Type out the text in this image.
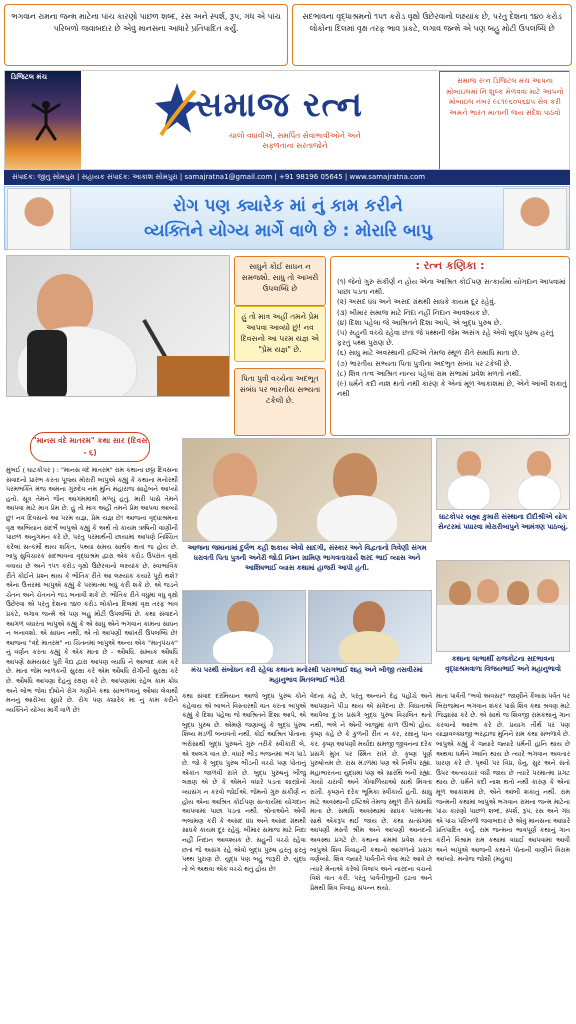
ભગવાન રામના જન્મ માટેના પાંચ કારણો પાછળ શબ્દ, રસ અને સ્પર્શ, રૂપ, ગંધ એ પાંચ પરિબળો જવાબદાર છે એવું માનસના આધારે પ્રતિપાદિત કર્યું.
સદભાવના વૃદ્ધાશ્રમનો ૧૫૧ કરોડ વૃક્ષો ઉછેરવાનો લક્ષ્યાંક છે, પરંતુ દેશના ૧૪૦ કરોડ લોકોના દિલમાં વૃક્ષ તરફ ભાવ પ્રકટે, લગાવ જન્મે એ પણ બહુ મોટી ઉપલબ્ધિ છે
ડિજિટલ મંચ
સમાજ રત્ન
ચાલો વધાવીએ, સમર્પિત સેવાભાવીઓને અને સફળતાના સરતાજોને
સમાજ રત્ન ડિજિટલ મંચ આપના મોબાઇલમાં નિઃશુલ્ક મેળવવા માટે આપનો મોબાઇલ નંબર ૯૮૧૯૬૦૫૬૪૫ સેવ કરી અમને ભારત માતાની જય સંદેશ પાઠવો
સંપાદક: જીતુ સોમપુરા | સહાયક સંપાદક: આકાશ સોમપુરા | samajratna1@gmail.com | +91 98196 05645 | www.samajratna.com
રોગ પણ ક્યારેક માં નું કામ કરીને
વ્યક્તિને યોગ્ય માર્ગે વાળે છે : મોરારિ બાપુ
સાધુને કોઈ સાધન ન સમજશો. સાધુ તો આખરી ઉપલબ્ધિ છે
હું તો માત્ર અહીં તમને પ્રેમ આપવા આવ્યો છું! નવ દિવસનો આ પરમ યજ્ઞ એ "પ્રેમ યજ્ઞ" છે.
પિતા પુત્રી વચ્ચેના અદભૂત સંબંધ પર ભારતીય સભ્યતા ટકેલી છે.
: રત્ન કણિકા :
(૧) જેનો ગુરુ સંકીર્ણ ન હોય એના આશ્રિત કોઈપણ સત્કાર્યમાં યોગદાન આપવામાં પાછા પડતા નથી.
(૨) અસદ ધંધ અને અસદ ગ્રંથથી સાધકે કાયમ દૂર રહેવું.
(૩) બીમાર સમાજ માટે નિંદા નહીં નિદાન આવશ્યક છે.
(૪) દિશા પહેલા જે આશ્રિતને દિશા આપે, એ બુદ્ધ પુરુષ છે.
(૫) સહુની વચ્ચે રહેવા છતાં જે પથ્થની જેમ અસંગ રહે એવો બુદ્ધ પુરુષ હરતું ફરતું પથ્થ પુરાણ છે.
(૬) સાધુ માટે અવસ્થાની દ્રષ્ટિએ તેમજ સ્થૂળ રીતે સમાધિ માતા છે.
(૭) ભારતીય સભ્યતા પિતા પુત્રીના અદભુત સંબંધ પર ટકેલી છે.
(૮) શિવ તત્વ આશ્રિત નાન્ય પહેલાં રામ સભામાં પ્રવેશ મળતો નથી.
(૯) ધર્મને કદી નાશ થતો નથી કારણ કે એનાં મૂળ આકાશમાં છે, એને આંબી શકાતું નથી
"માનસ વંદે માતરમ" કથા સાર (દિવસ - ૬)
મુંબઈ ( ઘાટકોપર ) : "માનસ વંદે માતરમ" રામ કથાના છઠ્ઠા દિવસના સંવાદનો પ્રારંભ કરતા પૂજ્ય મોરારી બાપુએ કહ્યું કે કથાના મનોરથી પરમભક્તિ મંજ અમના ગુરુદેવ નમ મુનિ મહારાજ સાહેબને આપ્યો હતો. સૂત્ર તેમને જૈન આગમમાંથી મળ્યું હતું. મારી પાસે તેમને આપવા માટે માત્ર પ્રેમ છે. હું તો માત્ર અહીં તમને પ્રેમ આપવા આવ્યો છું! નવ દિવસનો આ પરમ યજ્ઞ, પ્રેમ યજ્ઞ છે! આજના વૃદ્ધાશ્રમના વૃક્ષ અભિયાન સંદર્ભે બાપુએ કહ્યું કે અર્થ તો કાયમ ઋષિની વાણીની પાછળ અનુગમન કરે છે, પરંતુ પરમાર્થની છાયામાં આપણે નિશ્ચિત કરેલાં સત્કર્મો થાય શકિત, પથ્યા સમય સાર્થક થતાં જ હોય છે. બાપુ સુવિચારક સદભાવના વૃદ્ધાશ્રમ દ્વારા એક કરોડ ઉપરાંત વૃક્ષો વવાયા છે અને ૧૫૧ કરોડ વૃક્ષો ઉછેરવાનો લક્ષ્યાંક છે, સ્વાભાવિક રીતે કોઈને પ્રશ્ન થાય કે ભૌતિક રીતે આ લક્ષ્યાંક કયારે પૂરો થશે? એના ઉત્તરમાં બાપુએ કહ્યું કે પરમાત્મા બધું કરી શકે છે. એ જડને ચેતન અને ચેતનને જડ બનાવી શકે છે. ભૌતિક રીતે વધુમાં વધુ વૃક્ષો ઉછેરવા એ પરંતુ દેશના ૧૪૦ કરોડ લોકોના દિલમાં વૃક્ષ તરફ ભાવ પ્રકટે, લગાવ જન્મે એ પણ બહુ મોટી ઉપલબ્ધિ છે. કથા સંવાદને આગળ વધારતા બાપુએ કહ્યું કે એ સાધુ એને ભગવાન કામના સાધન ન બનાવશો. એ સાધન નથી, એ તો આપણી આખરી ઉપલબ્ધિ છે! આજના "વંદે માતરમ" ના ચિંતનમાં બાપુએ અન્ય એક "માતૃપંચક" નું વર્ણન કરતા કહ્યું કે એક માતા છે - ઔષધિ. સમ્યક ઔષધિ આપણે સમયસર પુરી વૈદ્ય દ્વારા આપણ વ્યાધિ ને આબાદ કામ કરે છે. માતા જેમ બાળકની સુરક્ષા કરે એમ ઔષધિ રોગીની સુરક્ષા કરે છે. ઔષધિ આપણા દેહનું રક્ષણ કરે છે. આપણામાં રહેલ કામ ક્રોધ અને લોભ જેવા દોષોને રોગ ગણીને કથા સાંભળવાનું ઔષધ લેવાથી મનનું આરોગ્ય સુધરે છે. રોગ પણ ક્યારેક માં નું કામ કરીને વ્યક્તિને યોગ્ય માર્ગે વાળે છે!
આજના જમાનામાં દુર્લભ કહી શકાય એવો સાદગી, સંસ્કાર અને વિદ્વતાનો ત્રિવેણી સંગમ ધરાવતી પિતા પુત્રની અનેરી જોડી નિમ્ન ગ્રામિણ ભાગવતાચાર્ય શરદ ભાઈ વ્યાસ અને આશિષભાઈ વ્યાસ કથામાં હાજરી આપી હતી.
મંચ પરથી સંબોધન કરી રહેલા કથાના મનોરથી પરાગભાઈ શાહ અને બીજી તસવીરમાં મહાનુભાવ મિતલભાઈ ભંડેરી
ઘાટકોપર બ્રહ્મા કુમારી સંસ્થાના દીદીશ્રીએ યોગ સેન્ટરમાં પધારવા મોરારીબાપુને આમંત્રણ પાઠવ્યું.
કથાના લાભાર્થી રાજકોટના સદભાવના વૃદ્ધાશ્રમવાળા વિજયભાઈ અને મહાનુભાવો
કથા સંવાદ દરમિયાન આજે બુદ્ધ પુરુષ કોને કહેવાય એ બાબતે વિસ્તારથી વાત કરતા બાપુએ કહ્યું કે દિશા પહેલા જે આશ્રિતને દિશા આપે, એ બુદ્ધ પુરુષ છે. એમણે જણાવ્યું કે બુદ્ધ પુરુષ શિષ્ય મંડળી બનાવતો નથી. કોઈ આશ્રિત પોતાના ભરોસાથી બુદ્ધ પુરુષને ગુરુ તરીકે સ્વીકારી લે, એ અલગ વાત છે. વધારે ભીડ ભજનમાં ભંગ પાડે છે. જો કે બુદ્ધ પુરુષ ભીડની વચ્ચે પણ પોતાનું એકાંત જાળવી રાખે છે. બુદ્ધ પુરુષનું બીજું લક્ષણ એ છે કે એમને વધારે પડતા શાસ્ત્રોનો વ્યાસંગ ન કરવો જોઈએ. જેમનો ગુરુ સંકીર્ણ ન હોય એના આશ્રિત કોઈપણ સત્કાર્યમાં યોગદાન આપવામાં પાછા પડતા નથી. શ્રોતાઓને એવી ભલામણ કરી કે અસદ ધંધ અને અસદ ગ્રંથથી સાધકે કાયમ દૂર રહેવું. બીમાર સમાજ માટે નિંદા નહીં નિદાન આવશ્યક છે. સહુની વચ્ચે રહેવા છતાં જે અસંગ રહે એવો બુદ્ધ પુરુષ હરતું ફરતું પથ્થ પુરાણ છે. યુદ્ધ પણ બહુ જરૂરી છે. યુદ્ધ તો બે અથવા એક વચ્ચે થતું હોય છે!
વેદના કહે છે, પરંતુ અન્યને દેહ પહોંચે અને આપણાને પીડા થાય એ સંવેદના છે. વિધાતાએ આપેલા દુઃખ પ્રસંગે બુદ્ધ પુરુષ વિચલિત થતો નથી, ભલે ને એની બાજુમાં કાળ ઊભો હોય. કૃષ્ણ કહે છે કે કુળની રીત ન કર, રક્ષાનું પાન કર. કૃષ્ણ આપણી મર્યાદા સમજી જીવનના દરેક પ્રસંગે મુખ પર સ્મિત રાખે છે. કૃષ્ણ પૂર્ણ પુરુષોત્તમ છે. રાસ મંડળમાં પણ એ નિર્લેપ રહ્યા. મહાભારતના યુદ્ધમાં પણ એ સારથિ બની રહ્યા. ગાયો ચરાવી અને ગોવાળિયાઓ સાથે મિત્રતા રાખી. કૃષ્ણને દરેક ભૂમિકા સ્વીકાર્ય હતી. સાધુ માટે અવસ્થાની દ્રષ્ટિએ તેમજ સ્થૂળ રીતે સમાધિ માતા છે. સમાધિ અવસ્થામાં સાધક પરમાત્મા સાથે એકરૂપ થઈ જાય છે. કથા સત્સંગમાં આપણી મસ્તી શ્રીમ અને આપણી આનંદની અવસ્થા પ્રગટે છે. કથાના ક્રમમાં પ્રવેશ કરતા બાપુએ શિવ વિવાહની કથાનો આગળનો પ્રસંગ વર્ણવ્યો. શિવ જ્યારે પાર્વતીને લેવા માટે આવે છે ત્યારે મેનાએ કરેલો વિલાપ અને નારદના વચનો વિશે વાત કરી. પરંતુ પાર્વતીજીની દ્રઢતા અને પ્રેમથી શિવ વિવાહ સંપન્ન થયો.
માતા પાર્વતી "ભવો અવસર" જાણીને કૈલાસ પર્વત પર બિરાજમાન ભગવાન શંકર પાસે શિવ કથા શ્રવણ માટે જિજ્ઞાસા કરે છે. એ સાથે જ શિવજી રામકથાનું ગાન કરવાનો આરંભ કરે છે. પ્રયાગ તીર્થ પર પણ યાજ્ઞવલ્ક્યજી ભરદ્વાજ મુનિને રામ કથા સંભળાવે છે. બાપુએ કહ્યું કે જ્યારે જ્યારે ધર્મની હાનિ થાય છે અથવા ધર્મને ગ્લાનિ થાય છે ત્યારે ભગવાન અવતાર ધારણ કરે છે. પૃથ્વી પર વિપ્ર, ધેનુ, સુર અને સંતો ઉપર અત્યાચાર વધી જાય છે ત્યારે પરમાત્મા પ્રગટ થાય છે. ધર્મને કદી નાશ થતો નથી કારણ કે એનાં મૂળ આકાશમાં છે, એને આંબી શકાતું નથી. રામ જન્મની કથામાં બાપુએ ભગવાન રામના જન્મ માટેના પાંચ કારણો પાછળ શબ્દ, સ્પર્શ, રૂપ, રસ અને ગંધ એ પાંચ પરિબળો જવાબદાર છે એવું માનસના આધારે પ્રતિપાદિત કર્યું. રામ જન્મના ભાવપૂર્ણ કથાનું ગાન કરીને વિશ્રામ રામ કથામાં વધાઈ આપવામાં આવી અને બાપુએ આજની કથાને પોતાની વાણીને વિરામ આપ્યો. મનોજ જોશી (મહુવા)
